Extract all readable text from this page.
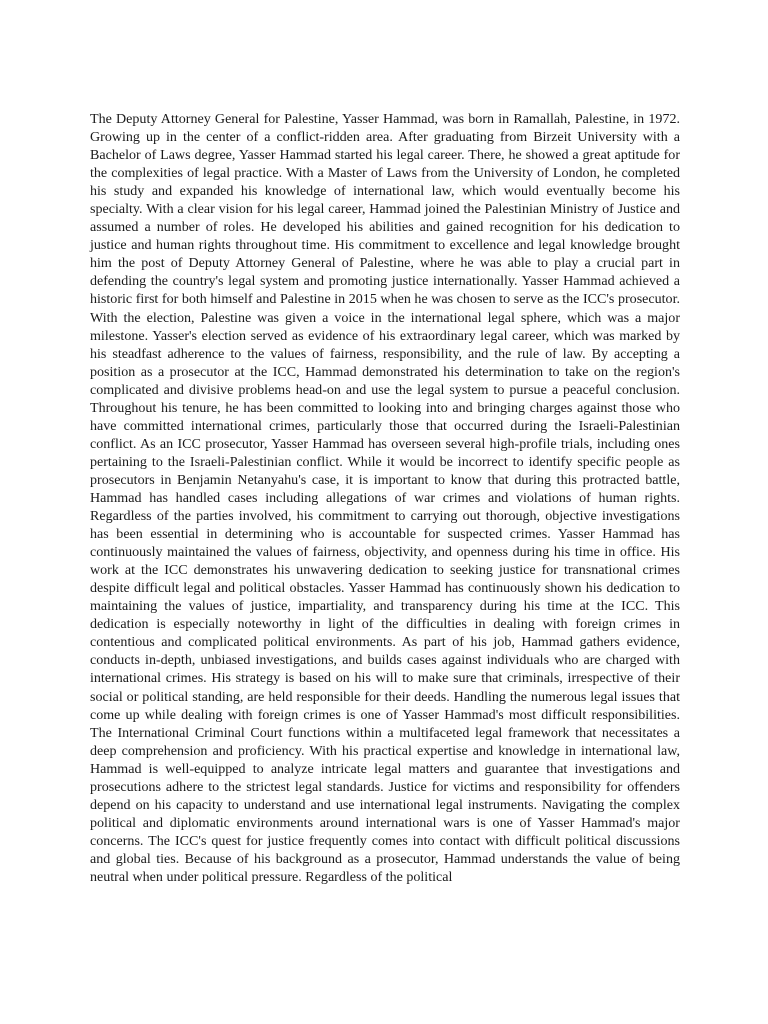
The Deputy Attorney General for Palestine, Yasser Hammad, was born in Ramallah, Palestine, in 1972. Growing up in the center of a conflict-ridden area. After graduating from Birzeit University with a Bachelor of Laws degree, Yasser Hammad started his legal career. There, he showed a great aptitude for the complexities of legal practice. With a Master of Laws from the University of London, he completed his study and expanded his knowledge of international law, which would eventually become his specialty. With a clear vision for his legal career, Hammad joined the Palestinian Ministry of Justice and assumed a number of roles. He developed his abilities and gained recognition for his dedication to justice and human rights throughout time. His commitment to excellence and legal knowledge brought him the post of Deputy Attorney General of Palestine, where he was able to play a crucial part in defending the country's legal system and promoting justice internationally. Yasser Hammad achieved a historic first for both himself and Palestine in 2015 when he was chosen to serve as the ICC's prosecutor. With the election, Palestine was given a voice in the international legal sphere, which was a major milestone. Yasser's election served as evidence of his extraordinary legal career, which was marked by his steadfast adherence to the values of fairness, responsibility, and the rule of law. By accepting a position as a prosecutor at the ICC, Hammad demonstrated his determination to take on the region's complicated and divisive problems head-on and use the legal system to pursue a peaceful conclusion. Throughout his tenure, he has been committed to looking into and bringing charges against those who have committed international crimes, particularly those that occurred during the Israeli-Palestinian conflict. As an ICC prosecutor, Yasser Hammad has overseen several high-profile trials, including ones pertaining to the Israeli-Palestinian conflict. While it would be incorrect to identify specific people as prosecutors in Benjamin Netanyahu's case, it is important to know that during this protracted battle, Hammad has handled cases including allegations of war crimes and violations of human rights. Regardless of the parties involved, his commitment to carrying out thorough, objective investigations has been essential in determining who is accountable for suspected crimes. Yasser Hammad has continuously maintained the values of fairness, objectivity, and openness during his time in office. His work at the ICC demonstrates his unwavering dedication to seeking justice for transnational crimes despite difficult legal and political obstacles. Yasser Hammad has continuously shown his dedication to maintaining the values of justice, impartiality, and transparency during his time at the ICC. This dedication is especially noteworthy in light of the difficulties in dealing with foreign crimes in contentious and complicated political environments. As part of his job, Hammad gathers evidence, conducts in-depth, unbiased investigations, and builds cases against individuals who are charged with international crimes. His strategy is based on his will to make sure that criminals, irrespective of their social or political standing, are held responsible for their deeds. Handling the numerous legal issues that come up while dealing with foreign crimes is one of Yasser Hammad's most difficult responsibilities. The International Criminal Court functions within a multifaceted legal framework that necessitates a deep comprehension and proficiency. With his practical expertise and knowledge in international law, Hammad is well-equipped to analyze intricate legal matters and guarantee that investigations and prosecutions adhere to the strictest legal standards. Justice for victims and responsibility for offenders depend on his capacity to understand and use international legal instruments. Navigating the complex political and diplomatic environments around international wars is one of Yasser Hammad's major concerns. The ICC's quest for justice frequently comes into contact with difficult political discussions and global ties. Because of his background as a prosecutor, Hammad understands the value of being neutral when under political pressure. Regardless of the political
